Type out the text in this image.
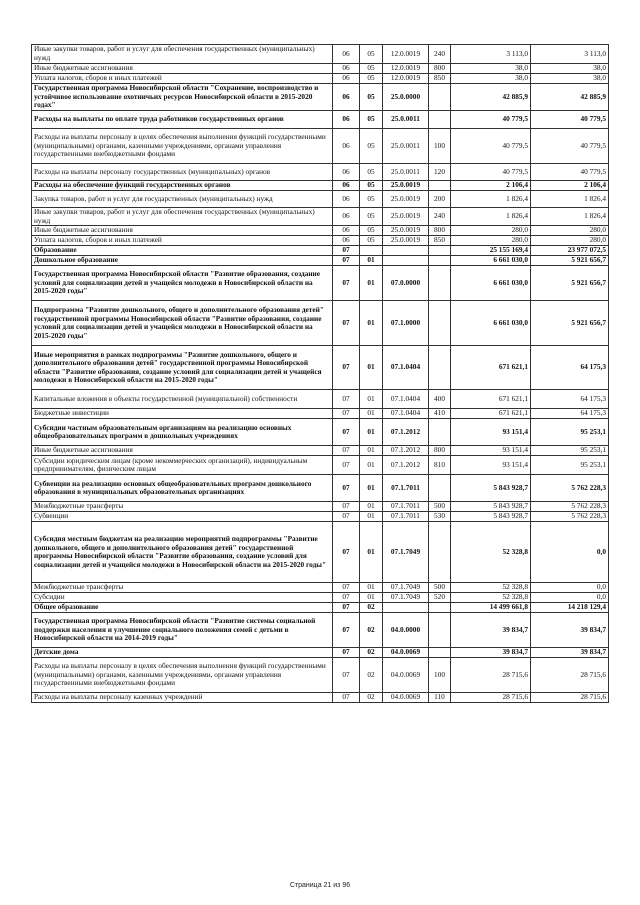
Иные закупки товаров, работ и услуг для обеспечения государственных (муниципальных) нужд	06	05	12.0.0019	240	3 113,0	3 113,0
Иные бюджетные ассигнования	06	05	12.0.0019	800	38,0	38,0
Уплата налогов, сборов и иных платежей	06	05	12.0.0019	850	38,0	38,0
Государственная программа Новосибирской области "Сохранение, воспроизводство и устойчивое использование охотничьих ресурсов Новосибирской области в 2015-2020 годах"	06	05	25.0.0000		42 885,9	42 885,9
Расходы на выплаты по оплате труда работников государственных органов	06	05	25.0.0011		40 779,5	40 779,5
Расходы на выплаты персоналу в целях обеспечения выполнения функций государственными (муниципальными) органами, казенными учреждениями, органами управления государственными внебюджетными фондами	06	05	25.0.0011	100	40 779,5	40 779,5
Расходы на выплаты персоналу государственных (муниципальных) органов	06	05	25.0.0011	120	40 779,5	40 779,5
Расходы на обеспечение функций государственных органов	06	05	25.0.0019		2 106,4	2 106,4
Закупка товаров, работ и услуг для государственных (муниципальных) нужд	06	05	25.0.0019	200	1 826,4	1 826,4
Иные закупки товаров, работ и услуг для обеспечения государственных (муниципальных) нужд	06	05	25.0.0019	240	1 826,4	1 826,4
Иные бюджетные ассигнования	06	05	25.0.0019	800	280,0	280,0
Уплата налогов, сборов и иных платежей	06	05	25.0.0019	850	280,0	280,0
Образование	07				25 155 169,4	23 977 072,5
Дошкольное образование	07	01			6 661 030,0	5 921 656,7
Государственная программа Новосибирской области "Развитие образования, создание условий для социализации детей и учащейся молодежи в Новосибирской области на 2015-2020 годы"	07	01	07.0.0000		6 661 030,0	5 921 656,7
Подпрограмма "Развитие дошкольного, общего и дополнительного образования детей" государственной программы Новосибирской области "Развитие образования, создание условий для социализации детей и учащейся молодежи в Новосибирской области на 2015-2020 годы"	07	01	07.1.0000		6 661 030,0	5 921 656,7
Иные мероприятия в рамках подпрограммы "Развитие дошкольного, общего и дополнительного образования детей" государственной программы Новосибирской области "Развитие образования, создание условий для социализации детей и учащейся молодежи в Новосибирской области на 2015-2020 годы"	07	01	07.1.0404		671 621,1	64 175,3
Капитальные вложения в объекты государственной (муниципальной) собственности	07	01	07.1.0404	400	671 621,1	64 175,3
Бюджетные инвестиции	07	01	07.1.0404	410	671 621,1	64 175,3
Субсидии частным образовательным организациям на реализацию основных общеобразовательных программ в дошкольных учреждениях	07	01	07.1.2012		93 151,4	95 253,1
Иные бюджетные ассигнования	07	01	07.1.2012	800	93 151,4	95 253,1
Субсидии юридическим лицам (кроме некоммерческих организаций), индивидуальным предпринимателям, физическим лицам	07	01	07.1.2012	810	93 151,4	95 253,1
Субвенции на реализацию основных общеобразовательных программ дошкольного образования в муниципальных образовательных организациях	07	01	07.1.7011		5 843 928,7	5 762 228,3
Межбюджетные трансферты	07	01	07.1.7011	500	5 843 928,7	5 762 228,3
Субвенции	07	01	07.1.7011	530	5 843 928,7	5 762 228,3
Субсидия местным бюджетам на реализацию мероприятий подпрограммы "Развитие дошкольного, общего и дополнительного образования детей" государственной программы Новосибирской области "Развитие образования, создание условий для социализации детей и учащейся молодежи в Новосибирской области на 2015-2020 годы"	07	01	07.1.7049		52 328,8	0,0
Межбюджетные трансферты	07	01	07.1.7049	500	52 328,8	0,0
Субсидии	07	01	07.1.7049	520	52 328,8	0,0
Общее образование	07	02			14 499 661,8	14 218 129,4
Государственная программа Новосибирской области "Развитие системы социальной поддержки населения и улучшение социального положения семей с детьми в Новосибирской области на 2014-2019 годы"	07	02	04.0.0000		39 834,7	39 834,7
Детские дома	07	02	04.0.0069		39 834,7	39 834,7
Расходы на выплаты персоналу в целях обеспечения выполнения функций государственными (муниципальными) органами, казенными учреждениями, органами управления государственными внебюджетными фондами	07	02	04.0.0069	100	28 715,6	28 715,6
Расходы на выплаты персоналу казенных учреждений	07	02	04.0.0069	110	28 715,6	28 715,6
Страница 21 из 96
